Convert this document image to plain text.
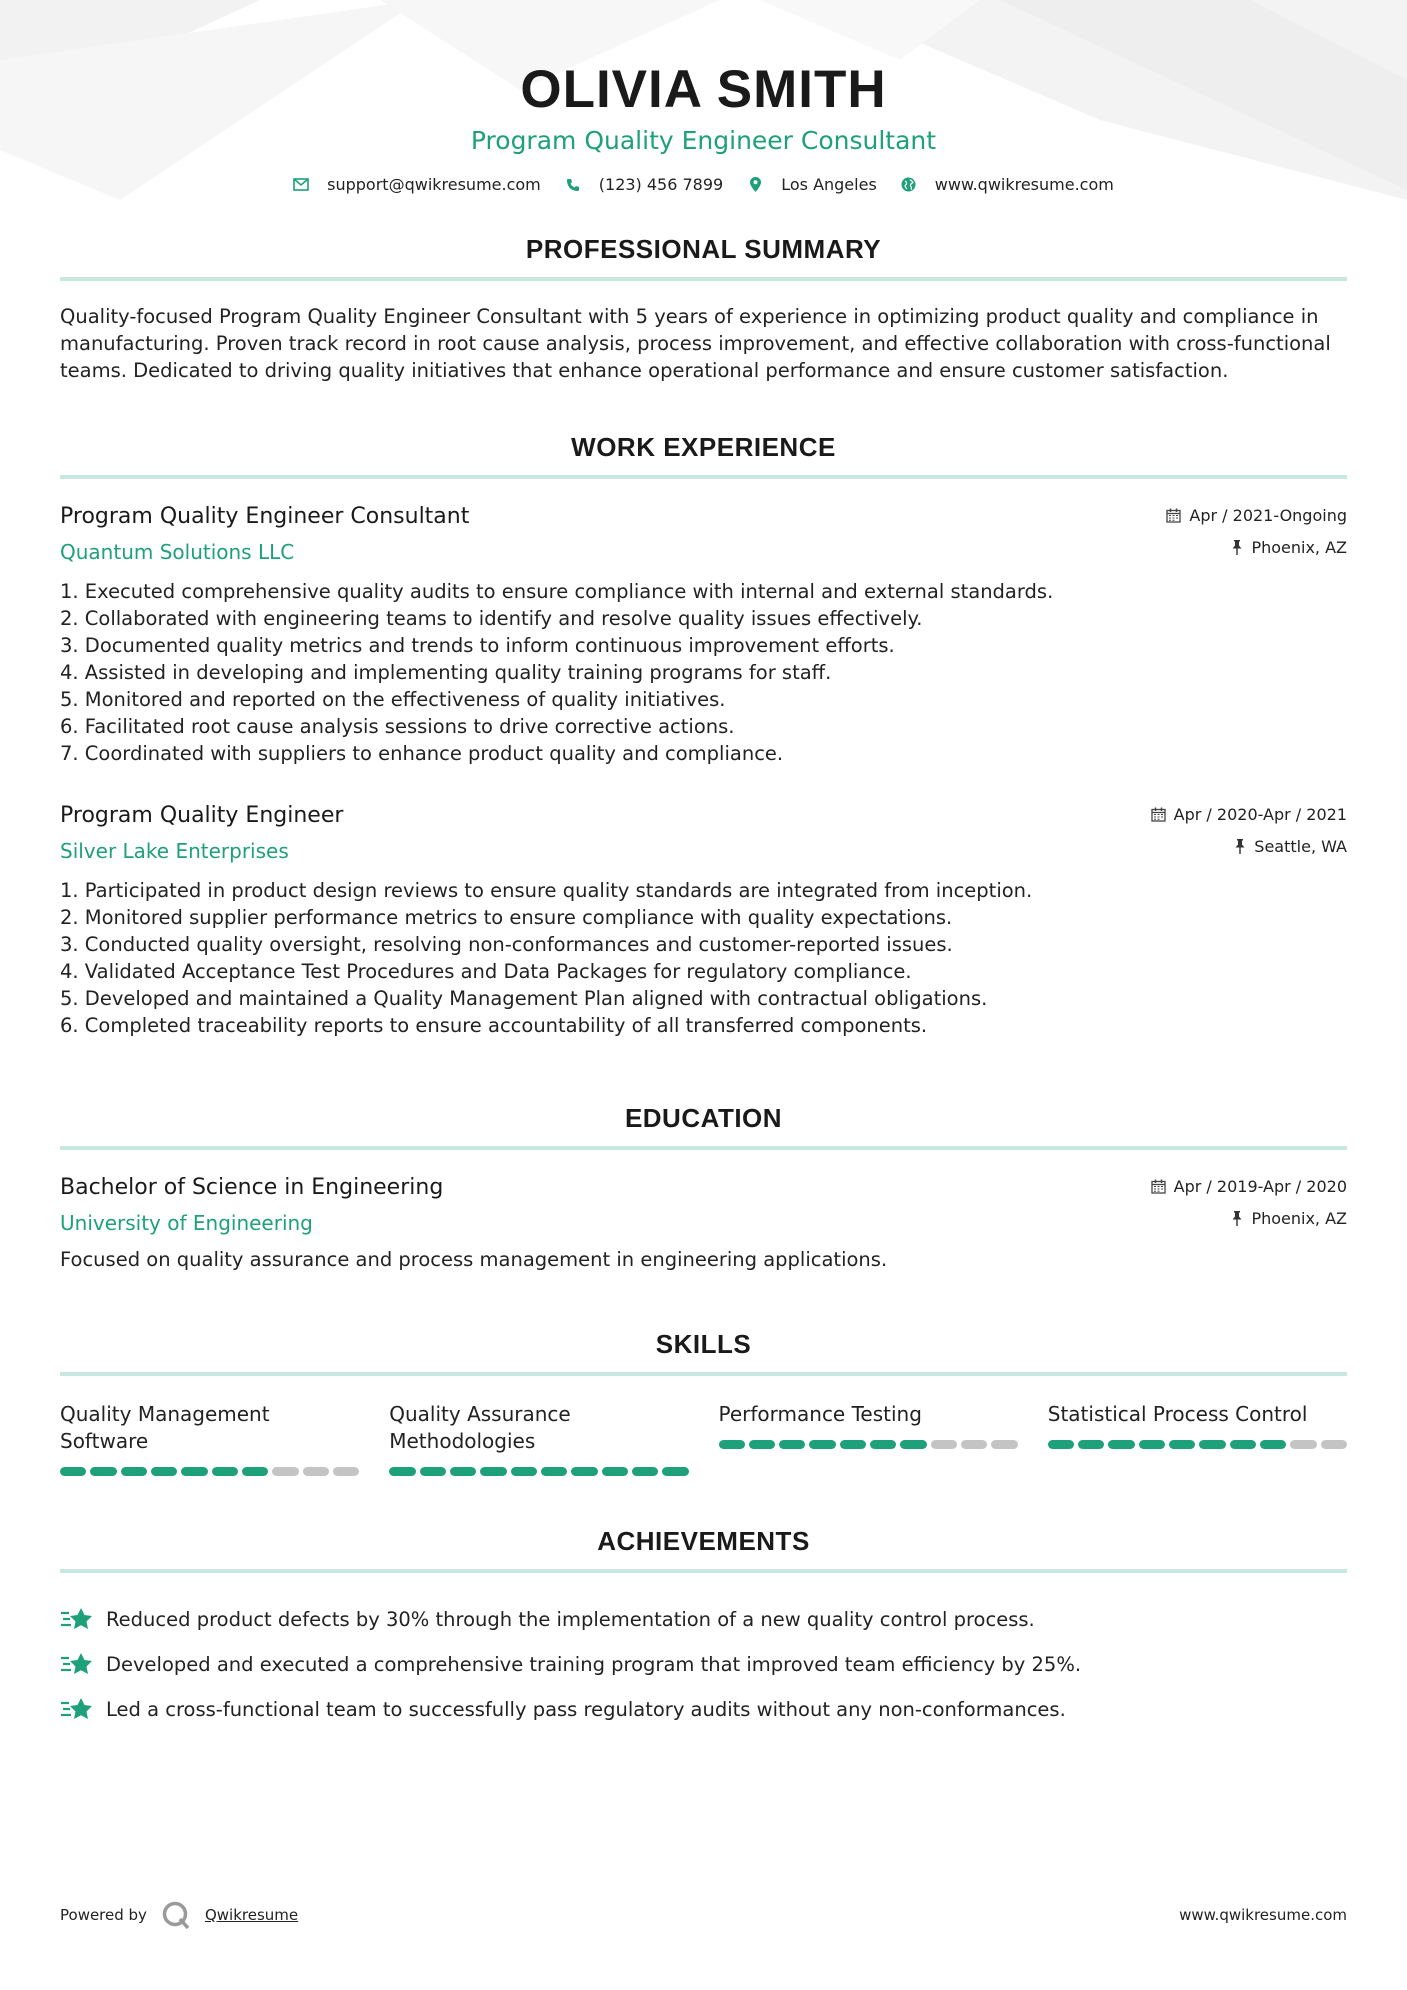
OLIVIA SMITH
Program Quality Engineer Consultant
support@qwikresume.com	(123) 456 7899	Los Angeles	www.qwikresume.com
PROFESSIONAL SUMMARY

Quality-focused Program Quality Engineer Consultant with 5 years of experience in optimizing product quality and compliance in manufacturing. Proven track record in root cause analysis, process improvement, and effective collaboration with cross-functional teams. Dedicated to driving quality initiatives that enhance operational performance and ensure customer satisfaction.

WORK EXPERIENCE
Program Quality Engineer Consultant
Quantum Solutions LLC
Apr / 2021-Ongoing
Phoenix, AZ
1. Executed comprehensive quality audits to ensure compliance with internal and external standards.
2. Collaborated with engineering teams to identify and resolve quality issues effectively.
3. Documented quality metrics and trends to inform continuous improvement efforts.
4. Assisted in developing and implementing quality training programs for staff.
5. Monitored and reported on the effectiveness of quality initiatives.
6. Facilitated root cause analysis sessions to drive corrective actions.
7. Coordinated with suppliers to enhance product quality and compliance.
Program Quality Engineer
Silver Lake Enterprises
Apr / 2020-Apr / 2021
Seattle, WA
1. Participated in product design reviews to ensure quality standards are integrated from inception.
2. Monitored supplier performance metrics to ensure compliance with quality expectations.
3. Conducted quality oversight, resolving non-conformances and customer-reported issues.
4. Validated Acceptance Test Procedures and Data Packages for regulatory compliance.
5. Developed and maintained a Quality Management Plan aligned with contractual obligations.
6. Completed traceability reports to ensure accountability of all transferred components.
EDUCATION
Bachelor of Science in Engineering
University of Engineering
Apr / 2019-Apr / 2020
Phoenix, AZ

Focused on quality assurance and process management in engineering applications.

SKILLS
Quality Management Software
Quality Assurance Methodologies
Performance Testing	Statistical Process Control
ACHIEVEMENTS
Reduced product defects by 30% through the implementation of a new quality control process.
Developed and executed a comprehensive training program that improved team efficiency by 25%.
Led a cross-functional team to successfully pass regulatory audits without any non-conformances.
Powered by	Qwikresume	www.qwikresume.com
